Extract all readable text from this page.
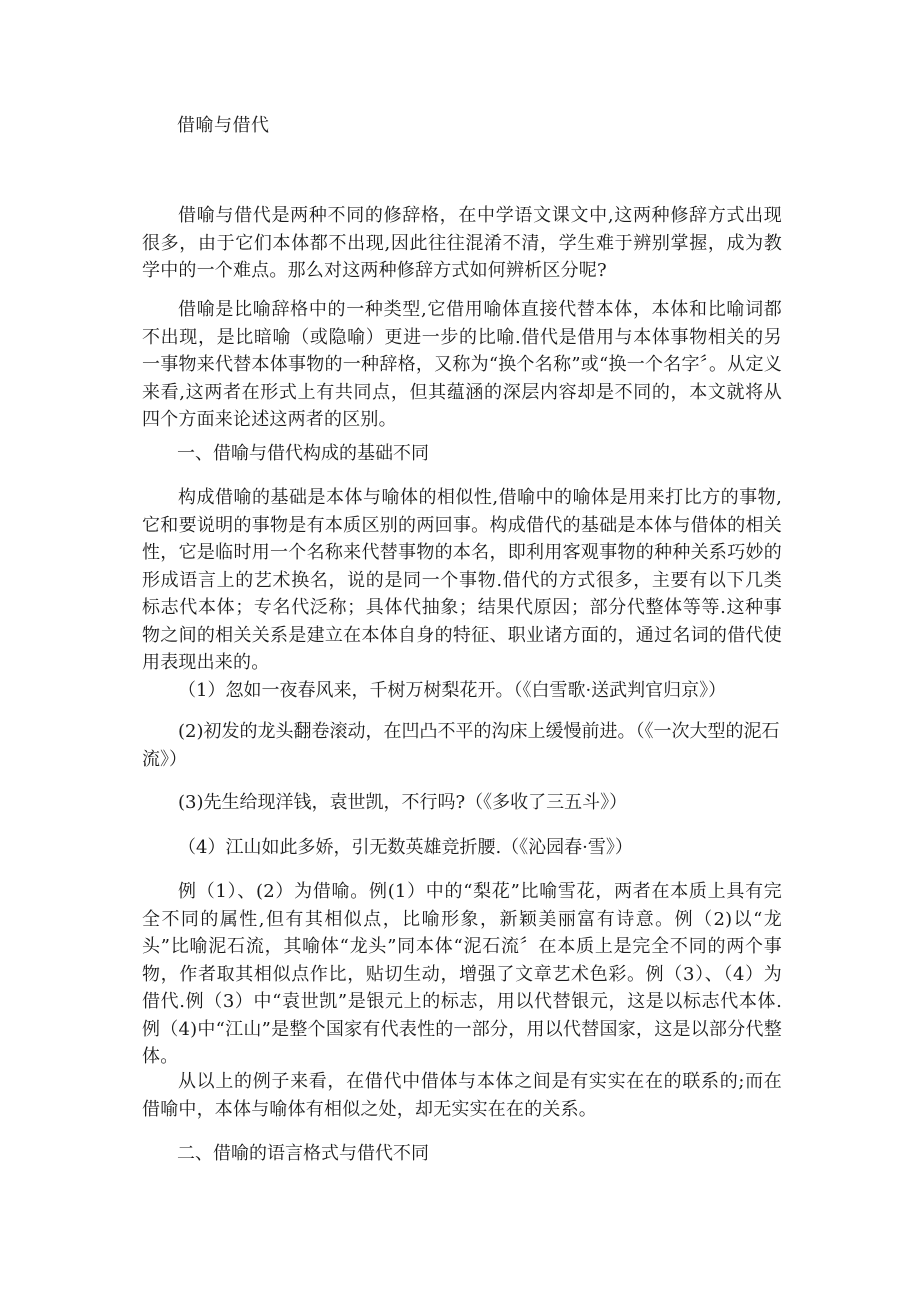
借喻与借代

借喻与借代是两种不同的修辞格，在中学语文课文中,这两种修辞方式出现很多，由于它们本体都不出现,因此往往混淆不清，学生难于辨别掌握，成为教学中的一个难点。那么对这两种修辞方式如何辨析区分呢?

借喻是比喻辞格中的一种类型,它借用喻体直接代替本体，本体和比喻词都不出现，是比暗喻（或隐喻）更进一步的比喻.借代是借用与本体事物相关的另一事物来代替本体事物的一种辞格，又称为“换个名称”或“换一个名字〞。从定义来看,这两者在形式上有共同点，但其蕴涵的深层内容却是不同的，本文就将从四个方面来论述这两者的区别。

一、借喻与借代构成的基础不同

构成借喻的基础是本体与喻体的相似性,借喻中的喻体是用来打比方的事物,它和要说明的事物是有本质区别的两回事。构成借代的基础是本体与借体的相关性，它是临时用一个名称来代替事物的本名，即利用客观事物的种种关系巧妙的形成语言上的艺术换名，说的是同一个事物.借代的方式很多，主要有以下几类标志代本体；专名代泛称；具体代抽象；结果代原因；部分代整体等等.这种事物之间的相关关系是建立在本体自身的特征、职业诸方面的，通过名词的借代使用表现出来的。

（1）忽如一夜春风来，千树万树梨花开。（《白雪歌·送武判官归京》）

(2)初发的龙头翻卷滚动，在凹凸不平的沟床上缓慢前进。（《一次大型的泥石流》）

(3)先生给现洋钱，袁世凯，不行吗?（《多收了三五斗》）

（4）江山如此多娇，引无数英雄竞折腰.（《沁园春·雪》）

例（1）、(2）为借喻。例(1）中的“梨花”比喻雪花，两者在本质上具有完全不同的属性,但有其相似点，比喻形象，新颖美丽富有诗意。例（2)以“龙头”比喻泥石流，其喻体“龙头”同本体“泥石流〞在本质上是完全不同的两个事物，作者取其相似点作比，贴切生动，增强了文章艺术色彩。例（3）、（4）为借代.例（3）中“袁世凯”是银元上的标志，用以代替银元，这是以标志代本体.例（4)中“江山”是整个国家有代表性的一部分，用以代替国家，这是以部分代整体。

从以上的例子来看，在借代中借体与本体之间是有实实在在的联系的;而在借喻中，本体与喻体有相似之处，却无实实在在的关系。

二、借喻的语言格式与借代不同
